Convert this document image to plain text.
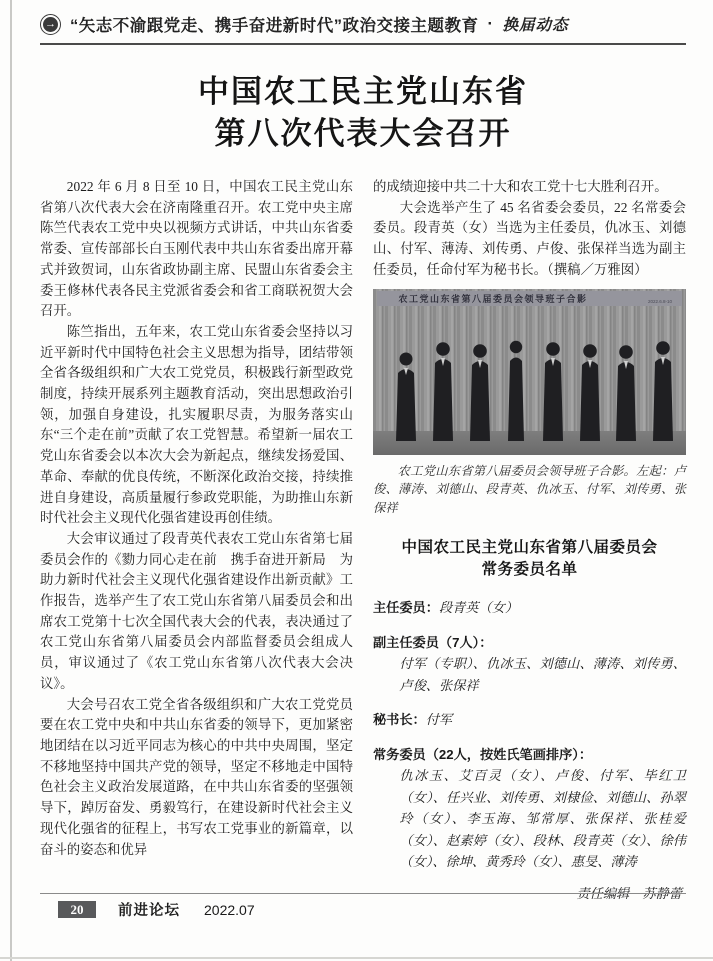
→ “矢志不渝跟党走、携手奋进新时代”政治交接主题教育 · 换届动态
中国农工民主党山东省
第八次代表大会召开

2022 年 6 月 8 日至 10 日，中国农工民主党山东省第八次代表大会在济南隆重召开。农工党中央主席陈竺代表农工党中央以视频方式讲话，中共山东省委常委、宣传部部长白玉刚代表中共山东省委出席开幕式并致贺词，山东省政协副主席、民盟山东省委会主委王修林代表各民主党派省委会和省工商联祝贺大会召开。

陈竺指出，五年来，农工党山东省委会坚持以习近平新时代中国特色社会主义思想为指导，团结带领全省各级组织和广大农工党党员，积极践行新型政党制度，持续开展系列主题教育活动，突出思想政治引领，加强自身建设，扎实履职尽责，为服务落实山东“三个走在前”贡献了农工党智慧。希望新一届农工党山东省委会以本次大会为新起点，继续发扬爱国、革命、奉献的优良传统，不断深化政治交接，持续推进自身建设，高质量履行参政党职能，为助推山东新时代社会主义现代化强省建设再创佳绩。

大会审议通过了段青英代表农工党山东省第七届委员会作的《勠力同心走在前　携手奋进开新局　为助力新时代社会主义现代化强省建设作出新贡献》工作报告，选举产生了农工党山东省第八届委员会和出席农工党第十七次全国代表大会的代表，表决通过了农工党山东省第八届委员会内部监督委员会组成人员，审议通过了《农工党山东省第八次代表大会决议》。

大会号召农工党全省各级组织和广大农工党党员要在农工党中央和中共山东省委的领导下，更加紧密地团结在以习近平同志为核心的中共中央周围，坚定不移地坚持中国共产党的领导，坚定不移地走中国特色社会主义政治发展道路，在中共山东省委的坚强领导下，踔厉奋发、勇毅笃行，在建设新时代社会主义现代化强省的征程上，书写农工党事业的新篇章，以奋斗的姿态和优异

的成绩迎接中共二十大和农工党十七大胜利召开。

大会选举产生了 45 名省委会委员，22 名常委会委员。段青英（女）当选为主任委员，仇冰玉、刘德山、付军、薄涛、刘传勇、卢俊、张保祥当选为副主任委员，任命付军为秘书长。（撰稿／万雅囡）

农工党山东省第八届委员会领导班子合影	2022.6.8-10
农工党山东省第八届委员会领导班子合影。左起：卢俊、薄涛、刘德山、段青英、仇冰玉、付军、刘传勇、张保祥
中国农工民主党山东省第八届委员会
常务委员名单
主任委员：段青英（女）
副主任委员（7人）：
付军（专职）、仇冰玉、刘德山、薄涛、刘传勇、卢俊、张保祥
秘书长：付军
常务委员（22人，按姓氏笔画排序）：
仇冰玉、艾百灵（女）、卢俊、付军、毕红卫（女）、任兴业、刘传勇、刘棣俭、刘德山、孙翠玲（女）、李玉海、邹常厚、张保祥、张桂爱（女）、赵素婷（女）、段林、段青英（女）、徐伟（女）、徐坤、黄秀玲（女）、惠旻、薄涛
责任编辑　苏静蕾
20	前进论坛 2022.07
